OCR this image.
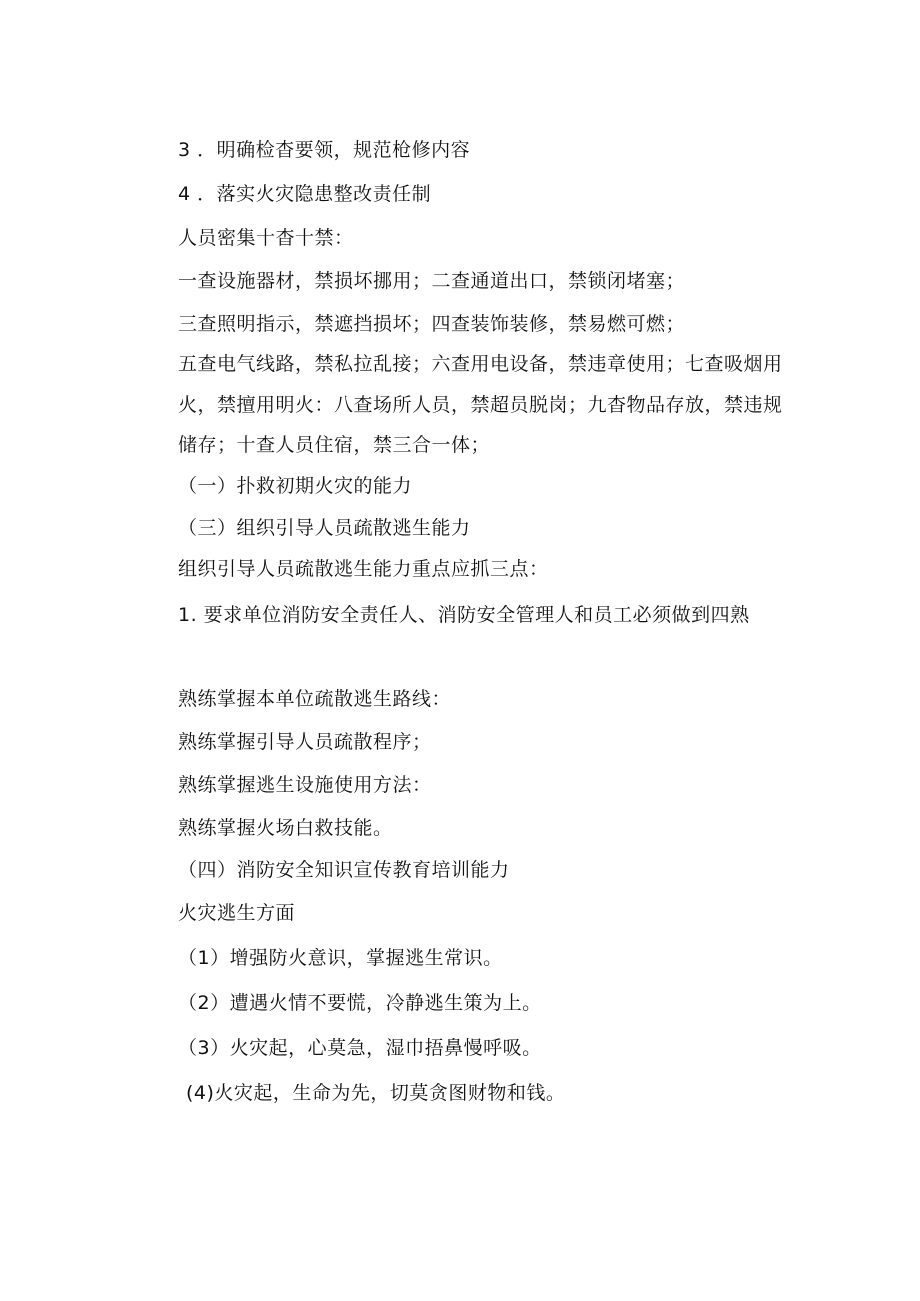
3 ．明确检杳要领，规范枪修内容
4 ．落实火灾隐患整改责任制
人员密集十杳十禁：
一查设施器材，禁损坏挪用；二查通道出口，禁锁闭堵塞；
三查照明指示，禁遮挡损坏；四查装饰装修，禁易燃可燃；
五查电气线路，禁私拉乱接；六查用电设备，禁违章使用；七查吸烟用
火，禁擅用明火：八查场所人员，禁超员脱岗；九杳物品存放，禁违规
储存；十查人员住宿，禁三合一体；
（一）扑救初期火灾的能力
（三）组织引导人员疏散逃生能力
组织引导人员疏散逃生能力重点应抓三点：
1. 要求单位消防安全责任人、消防安全管理人和员工必须做到四熟
熟练掌握本单位疏散逃生路线：
熟练掌握引导人员疏散程序；
熟练掌握逃生设施使用方法：
熟练掌握火场白救技能。
（四）消防安全知识宣传教育培训能力
火灾逃生方面
（1）增强防火意识，掌握逃生常识。
（2）遭遇火情不要慌，冷静逃生策为上。
（3）火灾起，心莫急，湿巾捂鼻慢呼吸。
(4)火灾起，生命为先，切莫贪图财物和钱。
